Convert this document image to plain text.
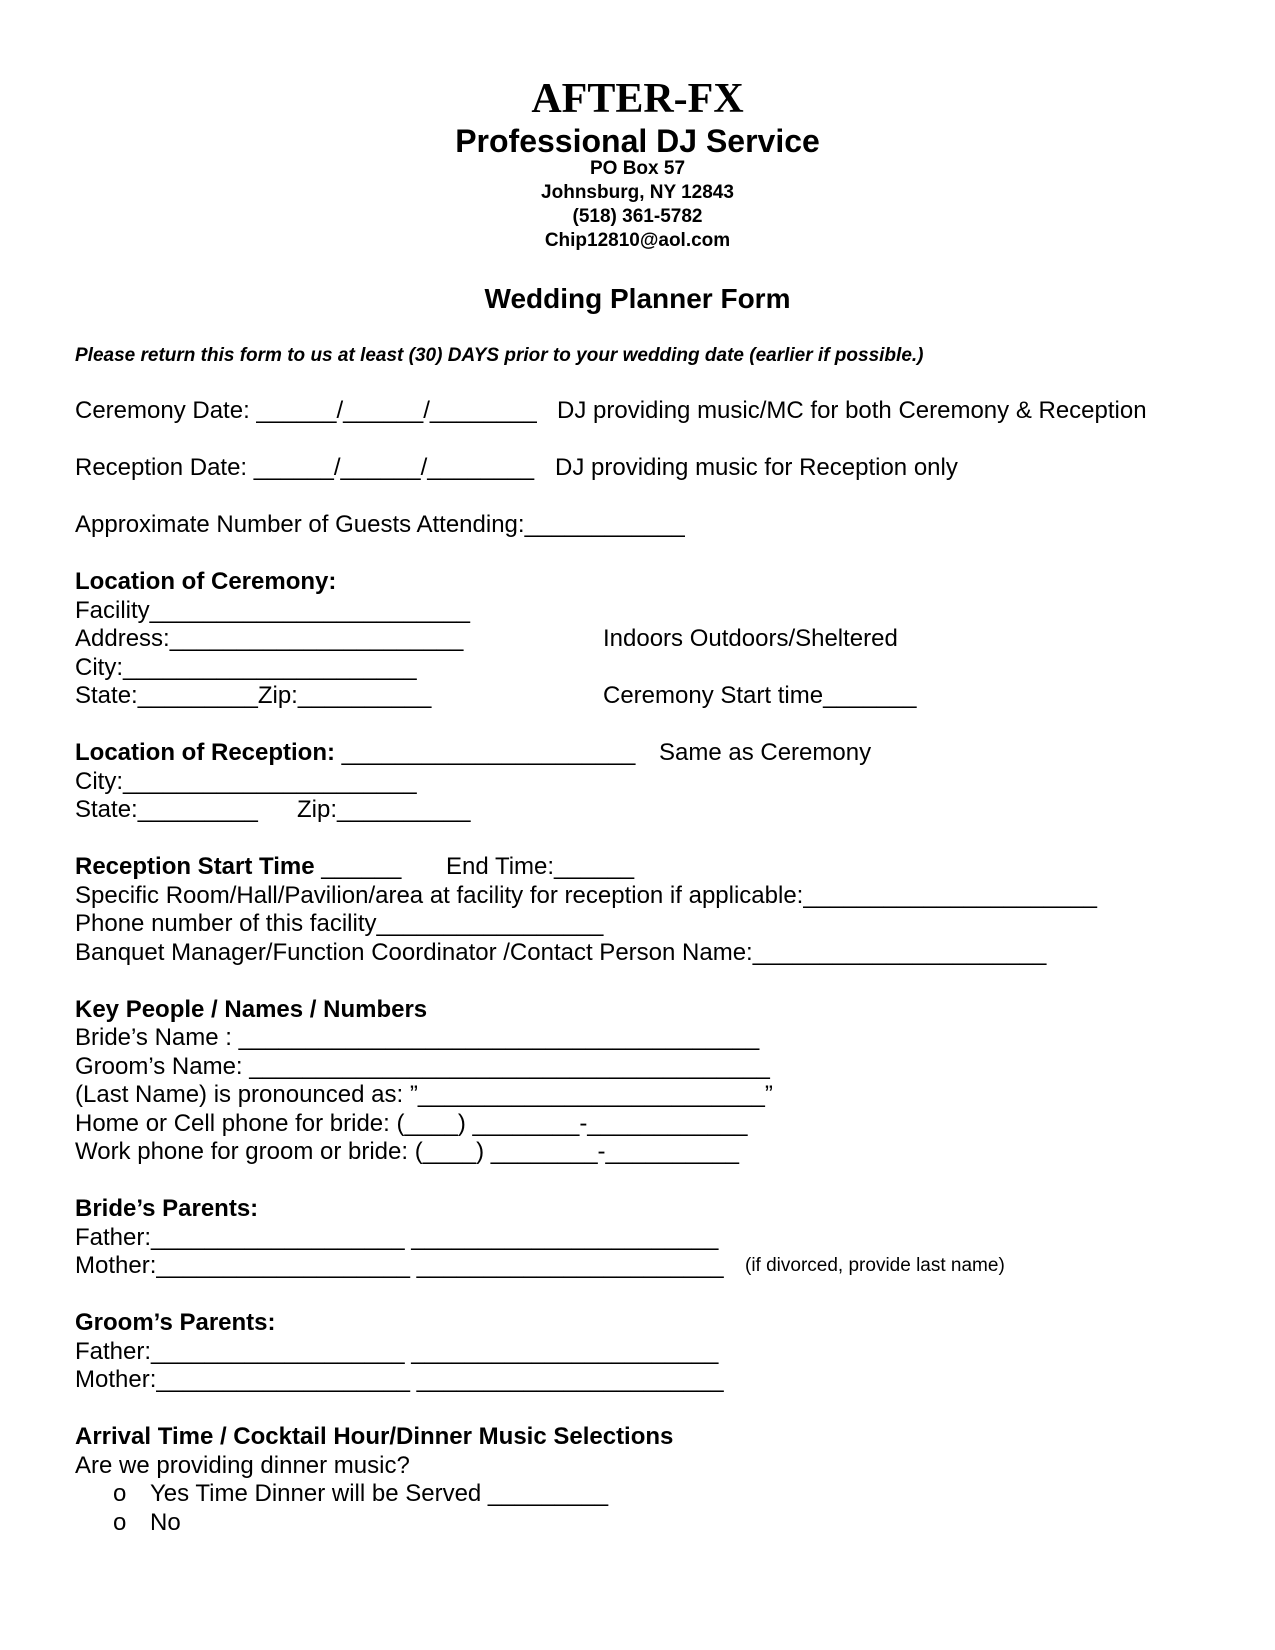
AFTER-FX
Professional DJ Service
PO Box 57
Johnsburg, NY 12843
(518) 361-5782
Chip12810@aol.com
Wedding Planner Form
Please return this form to us at least (30) DAYS prior to your wedding date (earlier if possible.)
Ceremony Date: ______/______/________ DJ providing music/MC for both Ceremony & Reception
Reception Date: ______/______/________ DJ providing music for Reception only
Approximate Number of Guests Attending:____________
Location of Ceremony:
Facility________________________
Address:______________________	Indoors Outdoors/Sheltered
City:______________________
State:_________Zip:__________	Ceremony Start time_______
Location of Reception: ______________________ Same as Ceremony
City:______________________
State:_________ Zip:__________
Reception Start Time ______ End Time:______
Specific Room/Hall/Pavilion/area at facility for reception if applicable:______________________
Phone number of this facility_________________
Banquet Manager/Function Coordinator /Contact Person Name:______________________
Key People / Names / Numbers
Bride’s Name : _______________________________________
Groom’s Name: _______________________________________
(Last Name) is pronounced as: ”__________________________”
Home or Cell phone for bride: (____) ________-____________
Work phone for groom or bride: (____) ________-__________
Bride’s Parents:
Father:___________________ _______________________
Mother:___________________ _______________________ (if divorced, provide last name)
Groom’s Parents:
Father:___________________ _______________________
Mother:___________________ _______________________
Arrival Time / Cocktail Hour/Dinner Music Selections
Are we providing dinner music?
o Yes Time Dinner will be Served _________
o No
